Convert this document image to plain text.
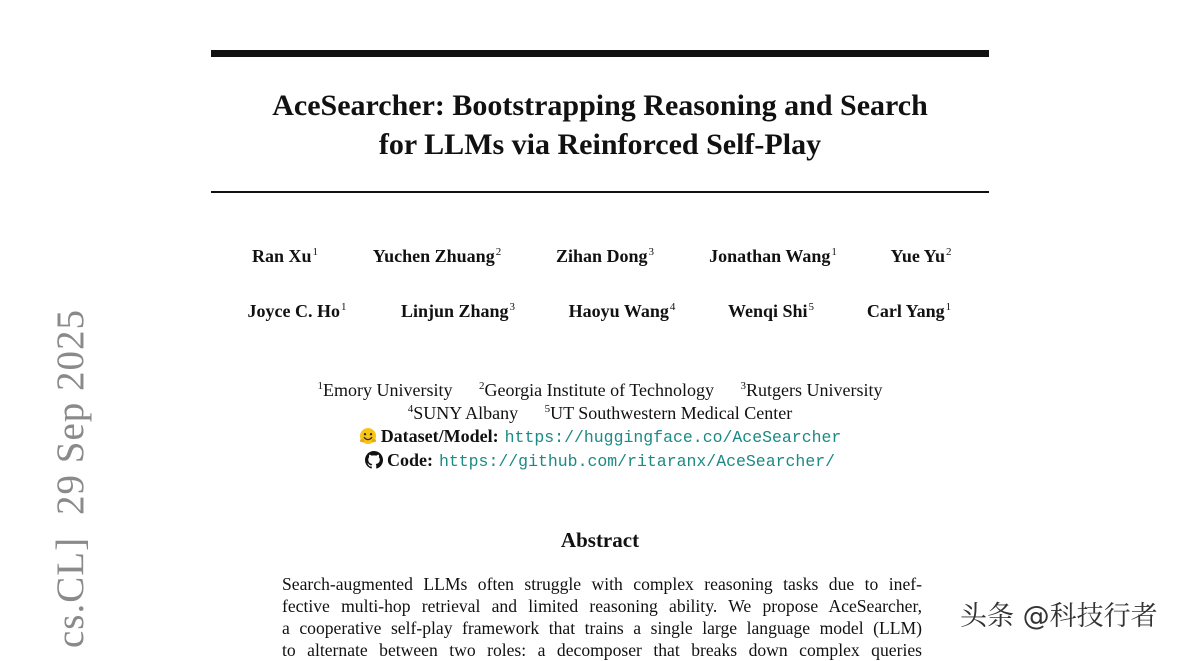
cs.CL]29 Sep 2025
AceSearcher: Bootstrapping Reasoning and Search
for LLMs via Reinforced Self-Play
Ran Xu$^1$	Yuchen Zhuang$^2$	Zihan Dong$^3$	Jonathan Wang$^1$	Yue Yu$^2$
Joyce C. Ho$^1$	Linjun Zhang$^3$	Haoyu Wang$^4$	Wenqi Shi$^5$	Carl Yang$^1$
$^1$Emory University $^2$Georgia Institute of Technology $^3$Rutgers University
$^4$SUNY Albany $^5$UT Southwestern Medical Center
Dataset/Model: https://huggingface.co/AceSearcher
Code: https://github.com/ritaranx/AceSearcher/
Abstract
Search-augmented LLMs often struggle with complex reasoning tasks due to inef-
fective multi-hop retrieval and limited reasoning ability. We propose AceSearcher,
a cooperative self-play framework that trains a single large language model (LLM)
to alternate between two roles: a decomposer that breaks down complex queries
头条 @科技行者
